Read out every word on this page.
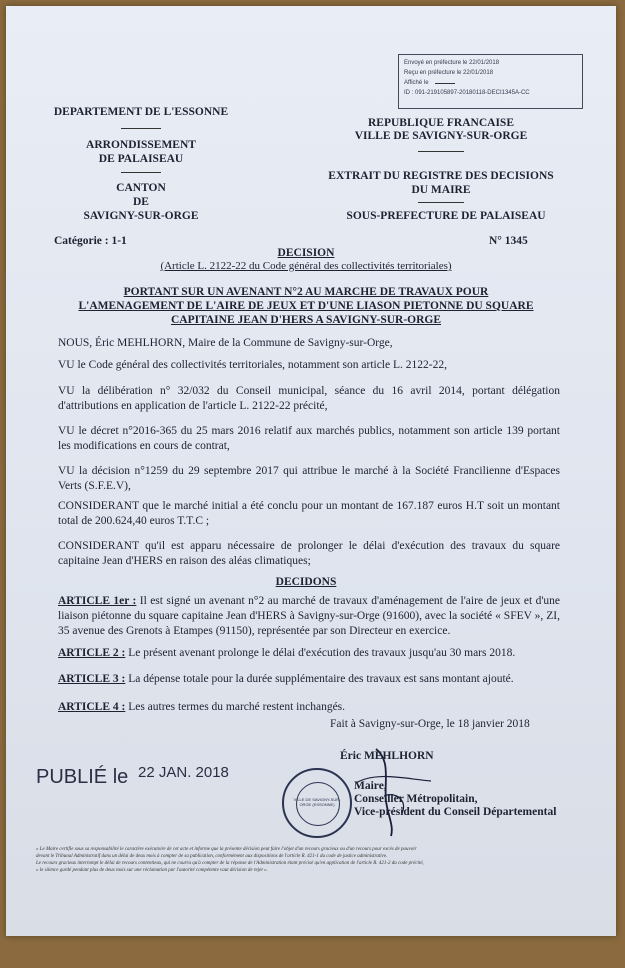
Envoyé en préfecture le 22/01/2018
Reçu en préfecture le 22/01/2018
Affiché le
ID : 091-219105897-20180118-DECI1345A-CC
DEPARTEMENT DE L'ESSONNE
ARRONDISSEMENT
DE PALAISEAU
CANTON
DE
SAVIGNY-SUR-ORGE
Catégorie : 1-1
REPUBLIQUE FRANCAISE
VILLE DE SAVIGNY-SUR-ORGE
EXTRAIT DU REGISTRE DES DECISIONS
DU MAIRE
SOUS-PREFECTURE DE PALAISEAU
N° 1345
DECISION
(Article L. 2122-22 du Code général des collectivités territoriales)
PORTANT SUR UN AVENANT N°2 AU MARCHE DE TRAVAUX POUR
L'AMENAGEMENT DE L'AIRE DE JEUX ET D'UNE LIASON PIETONNE DU SQUARE
CAPITAINE JEAN D'HERS A SAVIGNY-SUR-ORGE
NOUS, Éric MEHLHORN, Maire de la Commune de Savigny-sur-Orge,
VU le Code général des collectivités territoriales, notamment son article L. 2122-22,
VU la délibération n° 32/032 du Conseil municipal, séance du 16 avril 2014, portant délégation d'attributions en application de l'article L. 2122-22 précité,
VU le décret n°2016-365 du 25 mars 2016 relatif aux marchés publics, notamment son article 139 portant les modifications en cours de contrat,
VU la décision n°1259 du 29 septembre 2017 qui attribue le marché à la Société Francilienne d'Espaces Verts (S.F.E.V),
CONSIDERANT que le marché initial a été conclu pour un montant de 167.187 euros H.T soit un montant total de 200.624,40 euros T.T.C ;
CONSIDERANT qu'il est apparu nécessaire de prolonger le délai d'exécution des travaux du square capitaine Jean d'HERS en raison des aléas climatiques;
DECIDONS
ARTICLE 1er : Il est signé un avenant n°2 au marché de travaux d'aménagement de l'aire de jeux et d'une liaison piétonne du square capitaine Jean d'HERS à Savigny-sur-Orge (91600), avec la société « SFEV », ZI, 35 avenue des Grenots à Etampes (91150), représentée par son Directeur en exercice.
ARTICLE 2 : Le présent avenant prolonge le délai d'exécution des travaux jusqu'au 30 mars 2018.
ARTICLE 3 : La dépense totale pour la durée supplémentaire des travaux est sans montant ajouté.
ARTICLE 4 : Les autres termes du marché restent inchangés.
Fait à Savigny-sur-Orge, le 18 janvier 2018
Éric MEHLHORN
Maire,
Conseiller Métropolitain,
Vice-président du Conseil Départemental
VILLE DE SAVIGNY-SUR-ORGE (ESSONNE)
PUBLIÉ le 22 JAN. 2018
« Le Maire certifie sous sa responsabilité le caractère exécutoire de cet acte et informe que la présente décision peut faire l'objet d'un recours gracieux ou d'un recours pour excès de pouvoir
devant le Tribunal Administratif dans un délai de deux mois à compter de sa publication, conformément aux dispositions de l'article R. 421-1 du code de justice administrative.
Le recours gracieux interrompt le délai de recours contentieux, qui ne courra qu'à compter de la réponse de l'Administration étant précisé qu'en application de l'article R. 421-2 du code précité,
« le silence gardé pendant plus de deux mois sur une réclamation par l'autorité compétente vaut décision de rejet ».
